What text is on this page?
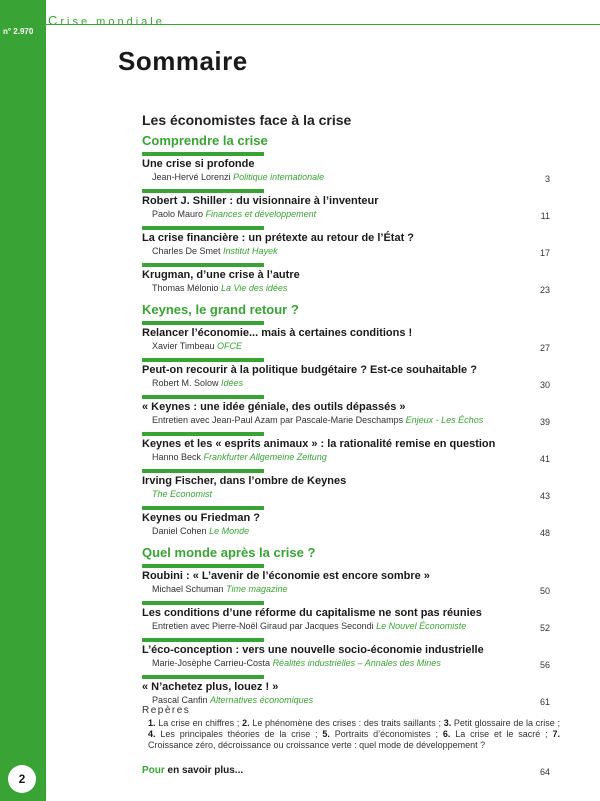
n° 2.970
2
Crise mondiale
Sommaire
Les économistes face à la crise
Comprendre la crise
Une crise si profonde
Jean-Hervé Lorenzi Politique internationale	3
Robert J. Shiller : du visionnaire à l’inventeur
Paolo Mauro Finances et développement	11
La crise financière : un prétexte au retour de l’État ?
Charles De Smet Institut Hayek	17
Krugman, d’une crise à l’autre
Thomas Mélonio La Vie des idées	23
Keynes, le grand retour ?
Relancer l’économie... mais à certaines conditions !
Xavier Timbeau OFCE	27
Peut-on recourir à la politique budgétaire ? Est-ce souhaitable ?
Robert M. Solow Idées	30
« Keynes : une idée géniale, des outils dépassés »
Entretien avec Jean-Paul Azam par Pascale-Marie Deschamps Enjeux - Les Échos	39
Keynes et les « esprits animaux » : la rationalité remise en question
Hanno Beck Frankfurter Allgemeine Zeitung	41
Irving Fischer, dans l’ombre de Keynes
The Economist	43
Keynes ou Friedman ?
Daniel Cohen Le Monde	48
Quel monde après la crise ?
Roubini : « L’avenir de l’économie est encore sombre »
Michael Schuman Time magazine	50
Les conditions d’une réforme du capitalisme ne sont pas réunies
Entretien avec Pierre-Noël Giraud par Jacques Secondi Le Nouvel Économiste	52
L’éco-conception : vers une nouvelle socio-économie industrielle
Marie-Josèphe Carrieu-Costa Réalités industrielles – Annales des Mines	56
« N’achetez plus, louez ! »
Pascal Canfin Alternatives économiques	61
Repères
1. La crise en chiffres ; 2. Le phénomène des crises : des traits saillants ; 3. Petit glossaire de la crise ; 4. Les principales théories de la crise ; 5. Portraits d’économistes ; 6. La crise et le sacré ; 7. Croissance zéro, décroissance ou croissance verte : quel mode de développement ?
Pour en savoir plus...	64
